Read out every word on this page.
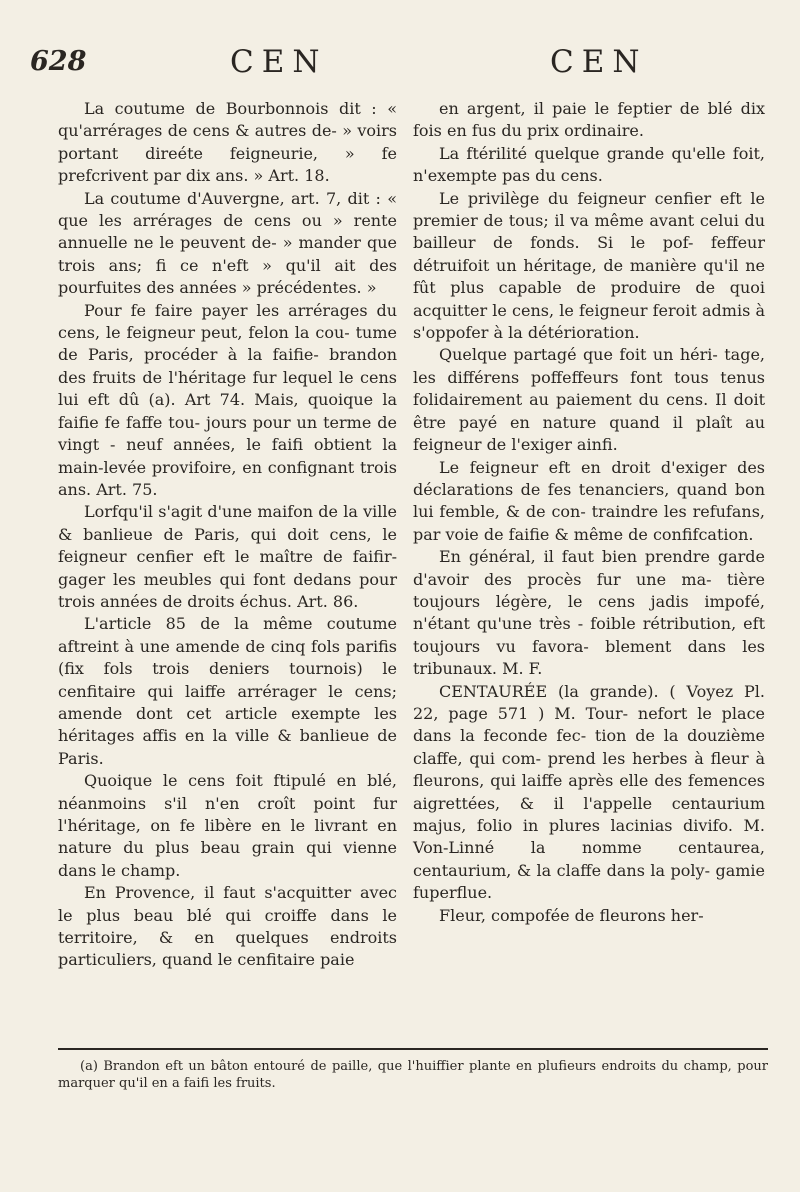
628	CEN	CEN

La coutume de Bourbonnois dit : « qu'arrérages de cens & autres de- » voirs portant direéte feigneurie, » fe prefcrivent par dix ans. » Art. 18.

La coutume d'Auvergne, art. 7, dit : « que les arrérages de cens ou » rente annuelle ne le peuvent de- » mander que trois ans; fi ce n'eft » qu'il ait des pourfuites des années » précédentes. »

Pour fe faire payer les arrérages du cens, le feigneur peut, felon la cou- tume de Paris, procéder à la faifie- brandon des fruits de l'héritage fur lequel le cens lui eft dû (a). Art 74. Mais, quoique la faifie fe faffe tou- jours pour un terme de vingt - neuf années, le faifi obtient la main-levée provifoire, en confignant trois ans. Art. 75.

Lorfqu'il s'agit d'une maifon de la ville & banlieue de Paris, qui doit cens, le feigneur cenfier eft le maître de faifir-gager les meubles qui font dedans pour trois années de droits échus. Art. 86.

L'article 85 de la même coutume aftreint à une amende de cinq fols parifis (fix fols trois deniers tournois) le cenfitaire qui laiffe arrérager le cens; amende dont cet article exempte les héritages affis en la ville & banlieue de Paris.

Quoique le cens foit ftipulé en blé, néanmoins s'il n'en croît point fur l'héritage, on fe libère en le livrant en nature du plus beau grain qui vienne dans le champ.

En Provence, il faut s'acquitter avec le plus beau blé qui croiffe dans le territoire, & en quelques endroits particuliers, quand le cenfitaire paie

en argent, il paie le feptier de blé dix fois en fus du prix ordinaire.

La ftérilité quelque grande qu'elle foit, n'exempte pas du cens.

Le privilège du feigneur cenfier eft le premier de tous; il va même avant celui du bailleur de fonds. Si le pof- feffeur détruifoit un héritage, de manière qu'il ne fût plus capable de produire de quoi acquitter le cens, le feigneur feroit admis à s'oppofer à la détérioration.

Quelque partagé que foit un héri- tage, les différens poffeffeurs font tous tenus folidairement au paiement du cens. Il doit être payé en nature quand il plaît au feigneur de l'exiger ainfi.

Le feigneur eft en droit d'exiger des déclarations de fes tenanciers, quand bon lui femble, & de con- traindre les refufans, par voie de faifie & même de confifcation.

En général, il faut bien prendre garde d'avoir des procès fur une ma- tière toujours légère, le cens jadis impofé, n'étant qu'une très - foible rétribution, eft toujours vu favora- blement dans les tribunaux. M. F.

CENTAURÉE (la grande). ( Voyez Pl. 22, page 571 ) M. Tour- nefort le place dans la feconde fec- tion de la douzième claffe, qui com- prend les herbes à fleur à fleurons, qui laiffe après elle des femences aigrettées, & il l'appelle centaurium majus, folio in plures lacinias divifo. M. Von-Linné la nomme centaurea, centaurium, & la claffe dans la poly- gamie fuperflue.

Fleur, compofée de fleurons her-

(a) Brandon eft un bâton entouré de paille, que l'huiffier plante en plufieurs endroits du champ, pour marquer qu'il en a faifi les fruits.
